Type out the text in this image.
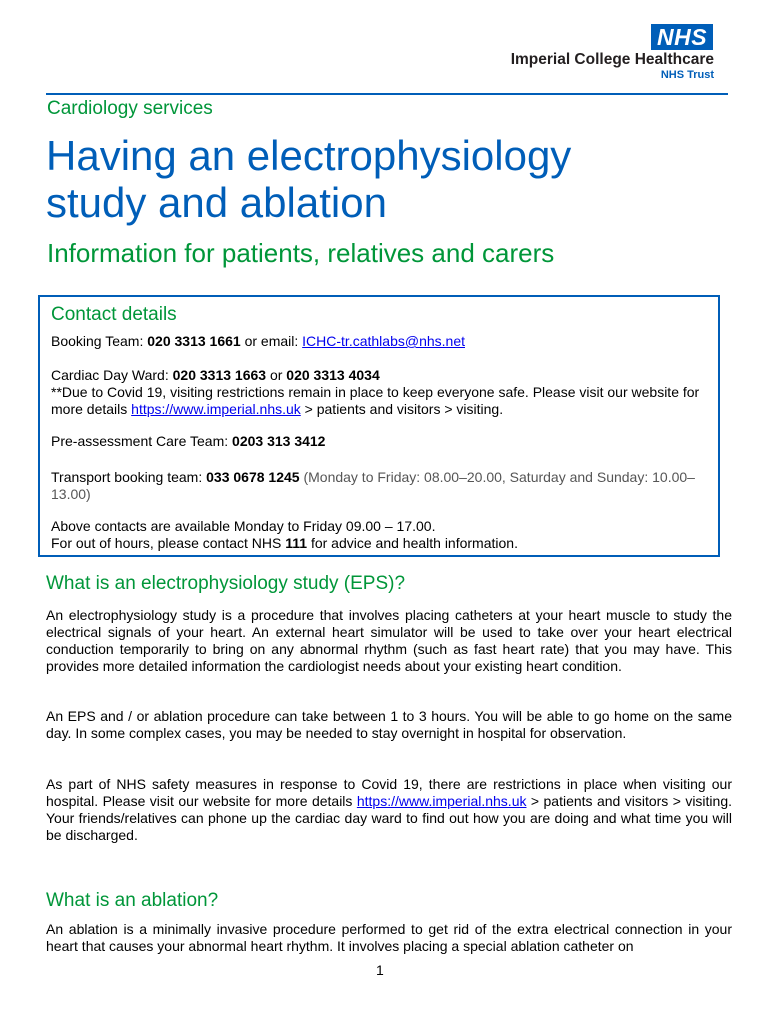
NHS
Imperial College Healthcare
NHS Trust
Cardiology services
Having an electrophysiology
study and ablation
Information for patients, relatives and carers
Contact details
Booking Team: 020 3313 1661 or email: ICHC-tr.cathlabs@nhs.net
Cardiac Day Ward: 020 3313 1663 or 020 3313 4034
**Due to Covid 19, visiting restrictions remain in place to keep everyone safe. Please visit our website for more details https://www.imperial.nhs.uk > patients and visitors > visiting.
Pre-assessment Care Team: 0203 313 3412
Transport booking team: 033 0678 1245 (Monday to Friday: 08.00–20.00, Saturday and Sunday: 10.00–13.00)
Above contacts are available Monday to Friday 09.00 – 17.00.
For out of hours, please contact NHS 111 for advice and health information.
What is an electrophysiology study (EPS)?
An electrophysiology study is a procedure that involves placing catheters at your heart muscle to study the electrical signals of your heart. An external heart simulator will be used to take over your heart electrical conduction temporarily to bring on any abnormal rhythm (such as fast heart rate) that you may have. This provides more detailed information the cardiologist needs about your existing heart condition.
An EPS and / or ablation procedure can take between 1 to 3 hours. You will be able to go home on the same day. In some complex cases, you may be needed to stay overnight in hospital for observation.
As part of NHS safety measures in response to Covid 19, there are restrictions in place when visiting our hospital. Please visit our website for more details https://www.imperial.nhs.uk > patients and visitors > visiting. Your friends/relatives can phone up the cardiac day ward to find out how you are doing and what time you will be discharged.
What is an ablation?
An ablation is a minimally invasive procedure performed to get rid of the extra electrical connection in your heart that causes your abnormal heart rhythm. It involves placing a special ablation catheter on
1
